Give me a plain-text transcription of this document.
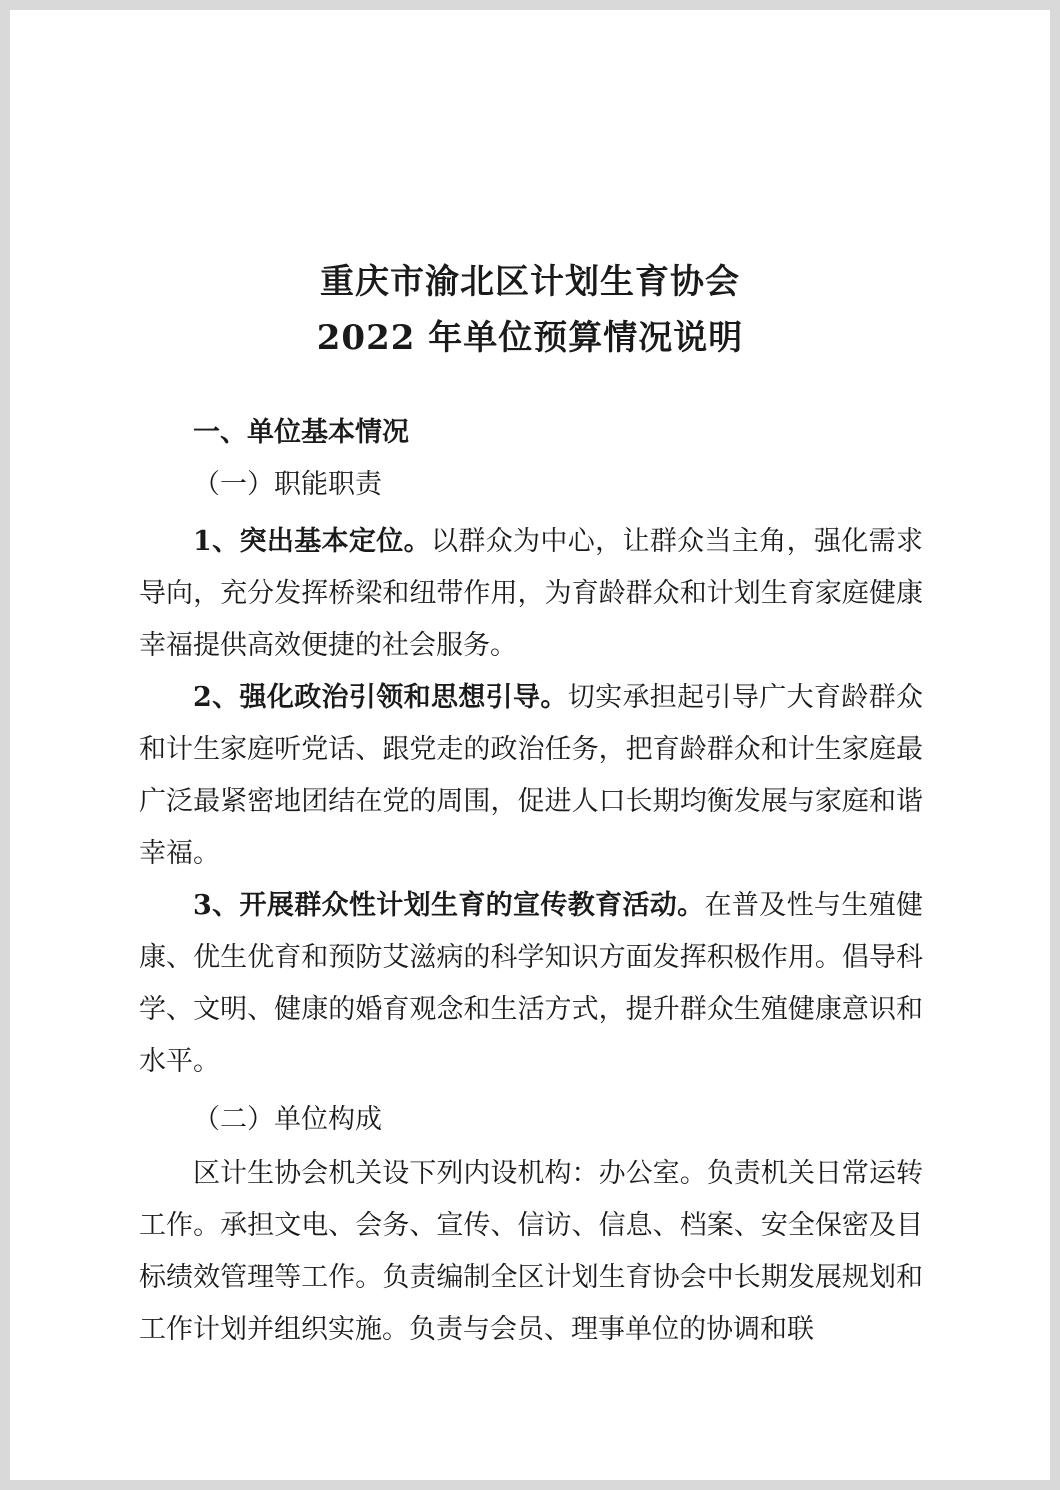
重庆市渝北区计划生育协会
2022 年单位预算情况说明
一、单位基本情况
（一）职能职责
1、突出基本定位。以群众为中心，让群众当主角，强化需求导向，充分发挥桥梁和纽带作用，为育龄群众和计划生育家庭健康幸福提供高效便捷的社会服务。
2、强化政治引领和思想引导。切实承担起引导广大育龄群众和计生家庭听党话、跟党走的政治任务，把育龄群众和计生家庭最广泛最紧密地团结在党的周围，促进人口长期均衡发展与家庭和谐幸福。
3、开展群众性计划生育的宣传教育活动。在普及性与生殖健康、优生优育和预防艾滋病的科学知识方面发挥积极作用。倡导科学、文明、健康的婚育观念和生活方式，提升群众生殖健康意识和水平。
（二）单位构成
区计生协会机关设下列内设机构：办公室。负责机关日常运转工作。承担文电、会务、宣传、信访、信息、档案、安全保密及目标绩效管理等工作。负责编制全区计划生育协会中长期发展规划和工作计划并组织实施。负责与会员、理事单位的协调和联
